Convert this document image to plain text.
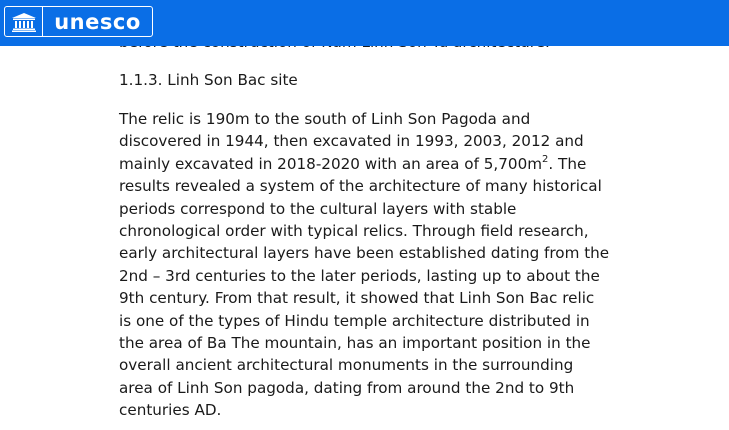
1.1.3. Linh Son Bac site

The relic is 190m to the south of Linh Son Pagoda and discovered in 1944, then excavated in 1993, 2003, 2012 and mainly excavated in 2018-2020 with an area of $5,700m^2$. The results revealed a system of the architecture of many historical periods correspond to the cultural layers with stable chronological order with typical relics. Through field research, early architectural layers have been established dating from the 2nd – 3rd centuries to the later periods, lasting up to about the 9th century. From that result, it showed that Linh Son Bac relic is one of the types of Hindu temple architecture distributed in the area of Ba The mountain, has an important position in the overall ancient architectural monuments in the surrounding area of Linh Son pagoda, dating from around the 2nd to 9th centuries AD.

unesco
